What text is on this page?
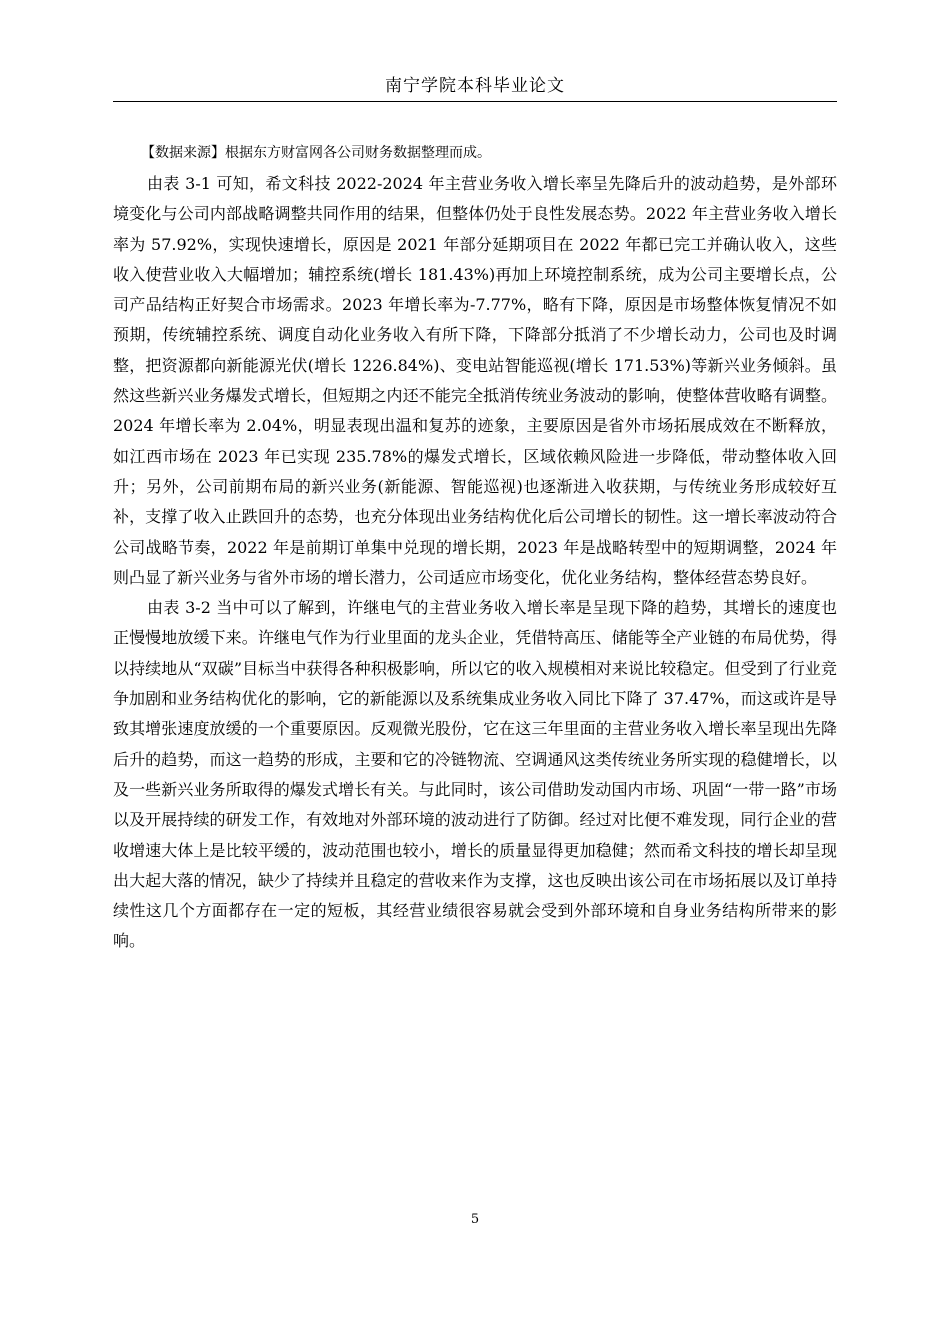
南宁学院本科毕业论文

【数据来源】根据东方财富网各公司财务数据整理而成。

由表 3-1 可知，希文科技 2022-2024 年主营业务收入增长率呈先降后升的波动趋势，是外部环境变化与公司内部战略调整共同作用的结果，但整体仍处于良性发展态势。2022 年主营业务收入增长率为 57.92%，实现快速增长，原因是 2021 年部分延期项目在 2022 年都已完工并确认收入，这些收入使营业收入大幅增加；辅控系统(增长 181.43%)再加上环境控制系统，成为公司主要增长点，公司产品结构正好契合市场需求。2023 年增长率为-7.77%，略有下降，原因是市场整体恢复情况不如预期，传统辅控系统、调度自动化业务收入有所下降，下降部分抵消了不少增长动力，公司也及时调整，把资源都向新能源光伏(增长 1226.84%)、变电站智能巡视(增长 171.53%)等新兴业务倾斜。虽然这些新兴业务爆发式增长，但短期之内还不能完全抵消传统业务波动的影响，使整体营收略有调整。2024 年增长率为 2.04%，明显表现出温和复苏的迹象，主要原因是省外市场拓展成效在不断释放，如江西市场在 2023 年已实现 235.78%的爆发式增长，区域依赖风险进一步降低，带动整体收入回升；另外，公司前期布局的新兴业务(新能源、智能巡视)也逐渐进入收获期，与传统业务形成较好互补，支撑了收入止跌回升的态势，也充分体现出业务结构优化后公司增长的韧性。这一增长率波动符合公司战略节奏，2022 年是前期订单集中兑现的增长期，2023 年是战略转型中的短期调整，2024 年则凸显了新兴业务与省外市场的增长潜力，公司适应市场变化，优化业务结构，整体经营态势良好。

由表 3-2 当中可以了解到，许继电气的主营业务收入增长率是呈现下降的趋势，其增长的速度也正慢慢地放缓下来。许继电气作为行业里面的龙头企业，凭借特高压、储能等全产业链的布局优势，得以持续地从“双碳”目标当中获得各种积极影响，所以它的收入规模相对来说比较稳定。但受到了行业竞争加剧和业务结构优化的影响，它的新能源以及系统集成业务收入同比下降了 37.47%，而这或许是导致其增张速度放缓的一个重要原因。反观微光股份，它在这三年里面的主营业务收入增长率呈现出先降后升的趋势，而这一趋势的形成，主要和它的冷链物流、空调通风这类传统业务所实现的稳健增长，以及一些新兴业务所取得的爆发式增长有关。与此同时，该公司借助发动国内市场、巩固“一带一路”市场以及开展持续的研发工作，有效地对外部环境的波动进行了防御。经过对比便不难发现，同行企业的营收增速大体上是比较平缓的，波动范围也较小，增长的质量显得更加稳健；然而希文科技的增长却呈现出大起大落的情况，缺少了持续并且稳定的营收来作为支撑，这也反映出该公司在市场拓展以及订单持续性这几个方面都存在一定的短板，其经营业绩很容易就会受到外部环境和自身业务结构所带来的影响。

5
